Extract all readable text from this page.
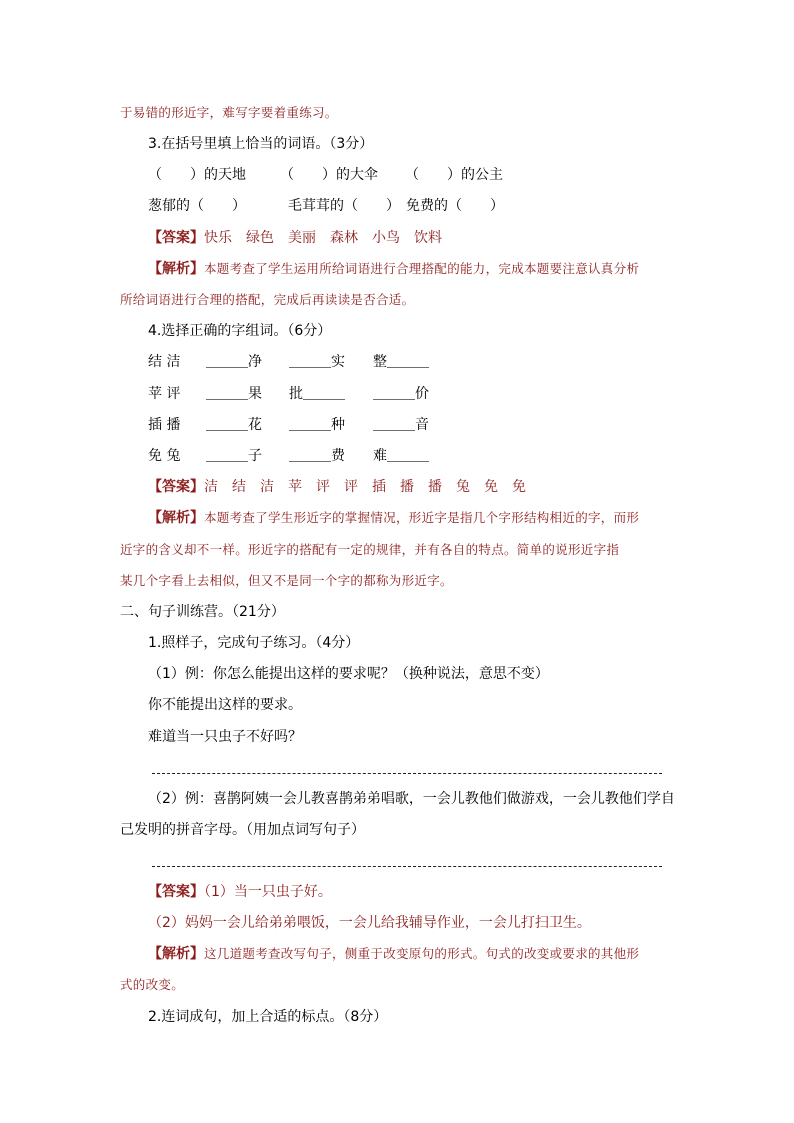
于易错的形近字，难写字要着重练习。
3.在括号里填上恰当的词语。（3分）
（　　）的天地 （　　）的大伞 （　　）的公主
葱郁的（　　）	毛茸茸的（　　） 免费的（　　）
【答案】快乐　绿色　美丽　森林　小鸟　饮料
【解析】本题考查了学生运用所给词语进行合理搭配的能力，完成本题要注意认真分析
所给词语进行合理的搭配，完成后再读读是否合适。
4.选择正确的字组词。（6分）
结 洁 ＿＿＿净 ＿＿＿实 整＿＿＿
苹 评 ＿＿＿果 批＿＿＿ ＿＿＿价
插 播 ＿＿＿花 ＿＿＿种 ＿＿＿音
免 兔 ＿＿＿子 ＿＿＿费 难＿＿＿
【答案】洁　结　洁　苹　评　评　插　播　播　兔　免　免
【解析】本题考查了学生形近字的掌握情况，形近字是指几个字形结构相近的字，而形
近字的含义却不一样。形近字的搭配有一定的规律，并有各自的特点。简单的说形近字指
某几个字看上去相似，但又不是同一个字的都称为形近字。
二、句子训练营。（21分）
1.照样子，完成句子练习。（4分）
（1）例：你怎么能提出这样的要求呢？（换种说法，意思不变）
你不能提出这样的要求。
难道当一只虫子不好吗？
（2）例：喜鹊阿姨一会儿教喜鹊弟弟唱歌，一会儿教他们做游戏，一会儿教他们学自
己发明的拼音字母。（用加点词写句子）
【答案】（1）当一只虫子好。
（2）妈妈一会儿给弟弟喂饭，一会儿给我辅导作业，一会儿打扫卫生。
【解析】这几道题考查改写句子，侧重于改变原句的形式。句式的改变或要求的其他形
式的改变。
2.连词成句，加上合适的标点。（8分）
